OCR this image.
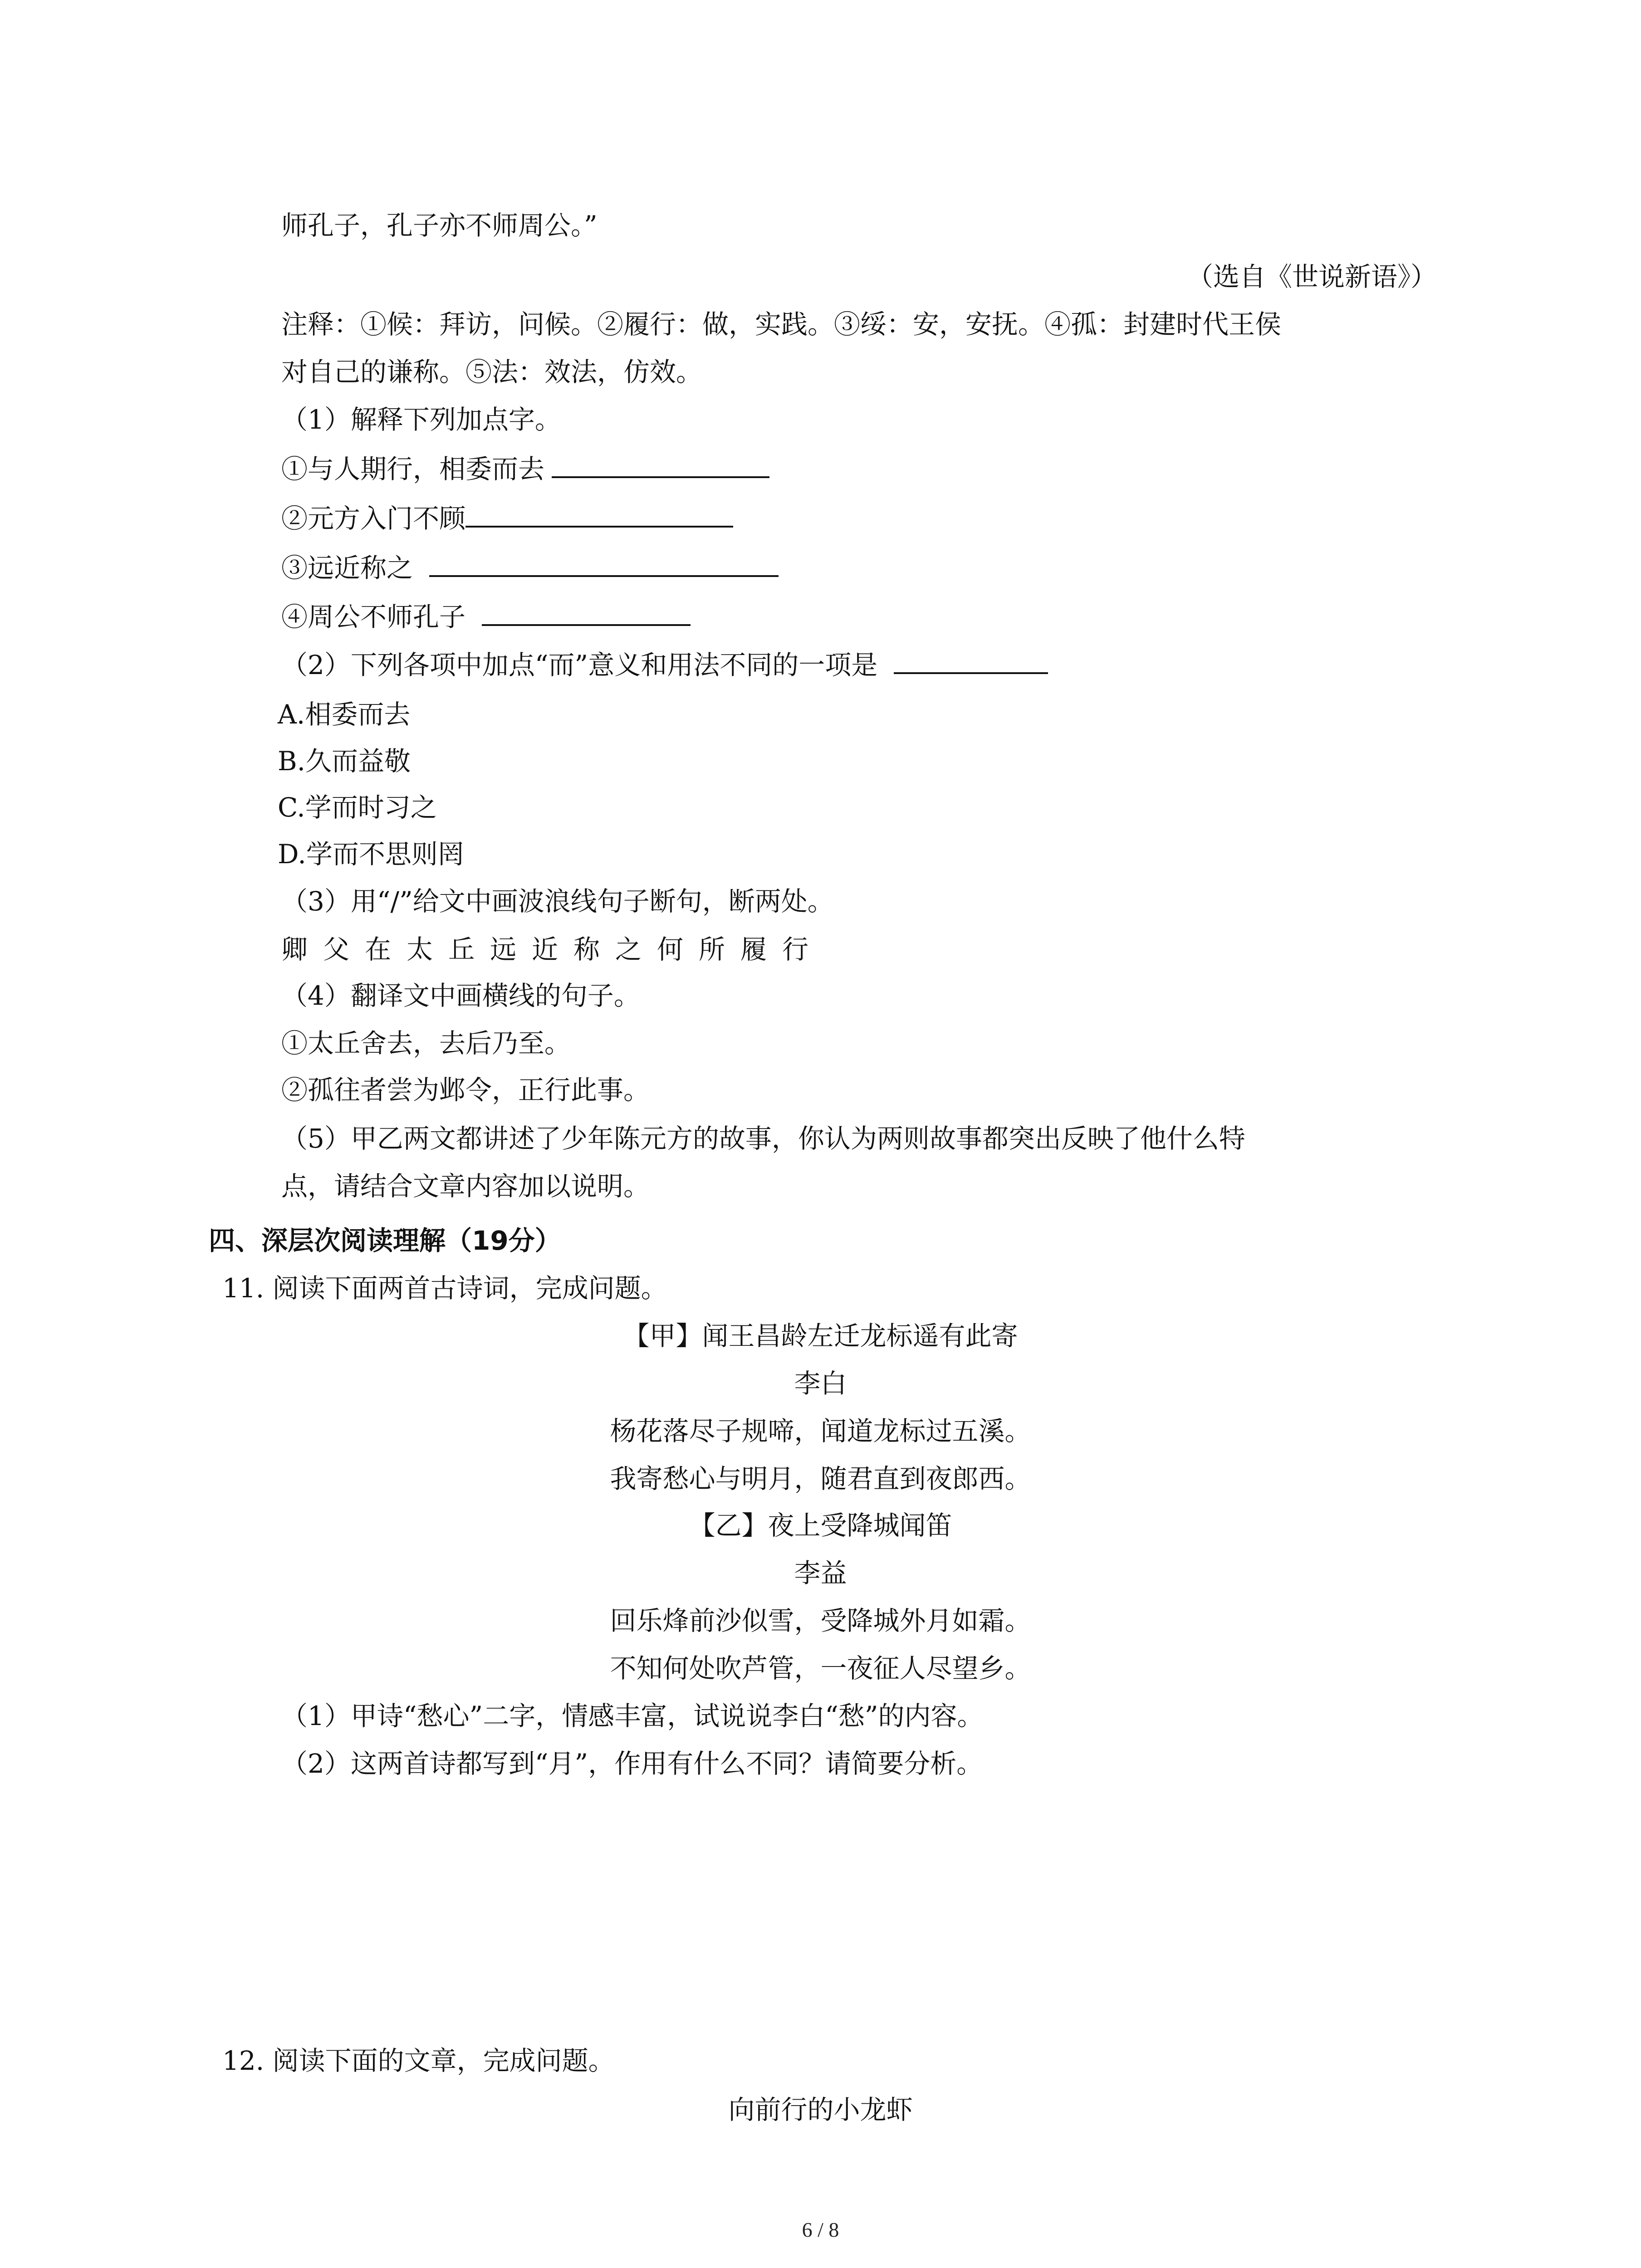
师孔子，孔子亦不师周公。”
（选自《世说新语》）
注释：①候：拜访，问候。②履行：做，实践。③绥：安，安抚。④孤：封建时代王侯
对自己的谦称。⑤法：效法，仿效。
（1）解释下列加点字。
①与人期行，相委而去
②元方入门不顾
③远近称之
④周公不师孔子
（2）下列各项中加点“而”意义和用法不同的一项是
A.相委而去
B.久而益敬
C.学而时习之
D.学而不思则罔
（3）用“/”给文中画波浪线句子断句，断两处。
卿父在太丘远近称之何所履行
（4）翻译文中画横线的句子。
①太丘舍去，去后乃至。
②孤往者尝为邺令，正行此事。
（5）甲乙两文都讲述了少年陈元方的故事，你认为两则故事都突出反映了他什么特
点，请结合文章内容加以说明。
四、深层次阅读理解（19分）
11. 阅读下面两首古诗词，完成问题。
【甲】闻王昌龄左迁龙标遥有此寄
李白
杨花落尽子规啼，闻道龙标过五溪。
我寄愁心与明月，随君直到夜郎西。
【乙】夜上受降城闻笛
李益
回乐烽前沙似雪，受降城外月如霜。
不知何处吹芦管，一夜征人尽望乡。
（1）甲诗“愁心”二字，情感丰富，试说说李白“愁”的内容。
（2）这两首诗都写到“月”，作用有什么不同？请简要分析。
12. 阅读下面的文章，完成问题。
向前行的小龙虾
6 / 8
